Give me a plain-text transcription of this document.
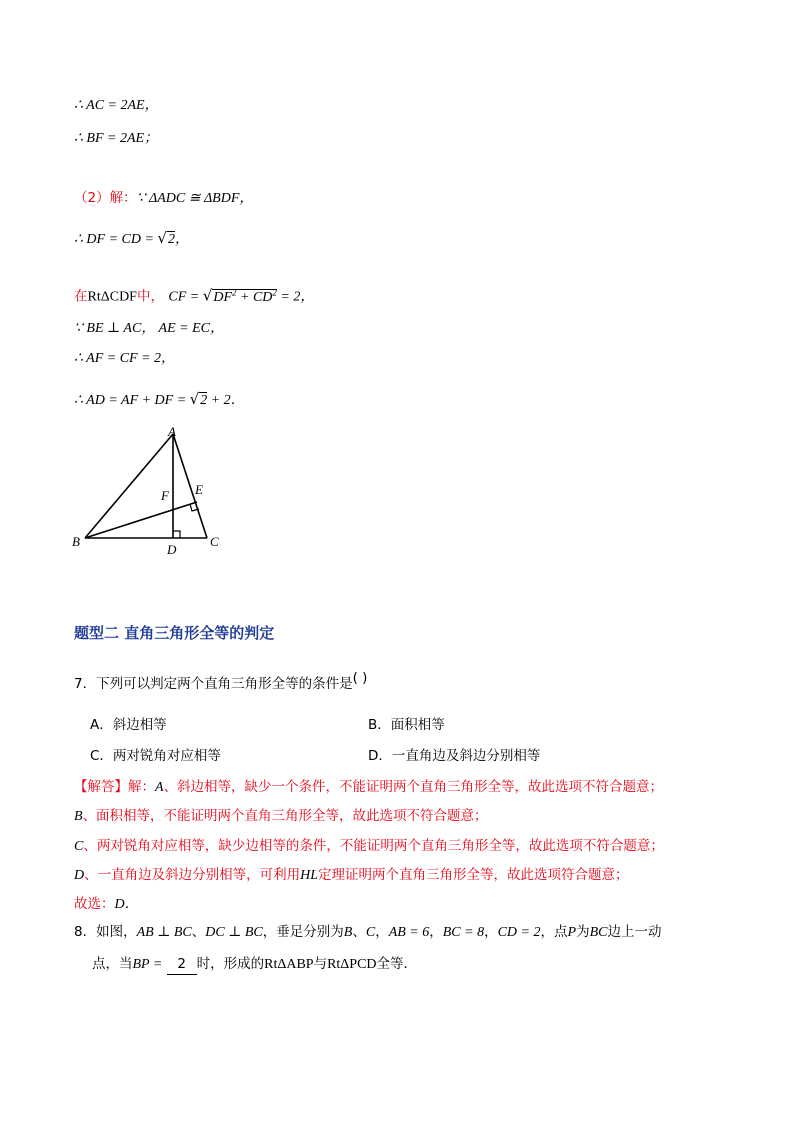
∴ AC = 2AE，
∴ BF = 2AE；
（2）解：∵ ΔADC ≅ ΔBDF，
∴ DF = CD = √2，
在RtΔCDF中， CF = $√DF^2 + CD^2 = 2$，
∵ BE ⊥ AC， AE = EC，
∴ AF = CF = 2，
∴ AD = AF + DF = √2 + 2．
A
E
F
B
D
C
题型二 直角三角形全等的判定
7．下列可以判定两个直角三角形全等的条件是( )
A．斜边相等	B．面积相等
C．两对锐角对应相等	D．一直角边及斜边分别相等
【解答】解：A、斜边相等，缺少一个条件，不能证明两个直角三角形全等，故此选项不符合题意；
B、面积相等，不能证明两个直角三角形全等，故此选项不符合题意；
C、两对锐角对应相等，缺少边相等的条件，不能证明两个直角三角形全等，故此选项不符合题意；
D、一直角边及斜边分别相等，可利用HL定理证明两个直角三角形全等，故此选项符合题意；
故选：D．
8．如图，AB ⊥ BC、DC ⊥ BC，垂足分别为B、C，AB = 6，BC = 8，CD = 2，点P为BC边上一动
点，当BP = 2 时，形成的RtΔABP与RtΔPCD全等．
